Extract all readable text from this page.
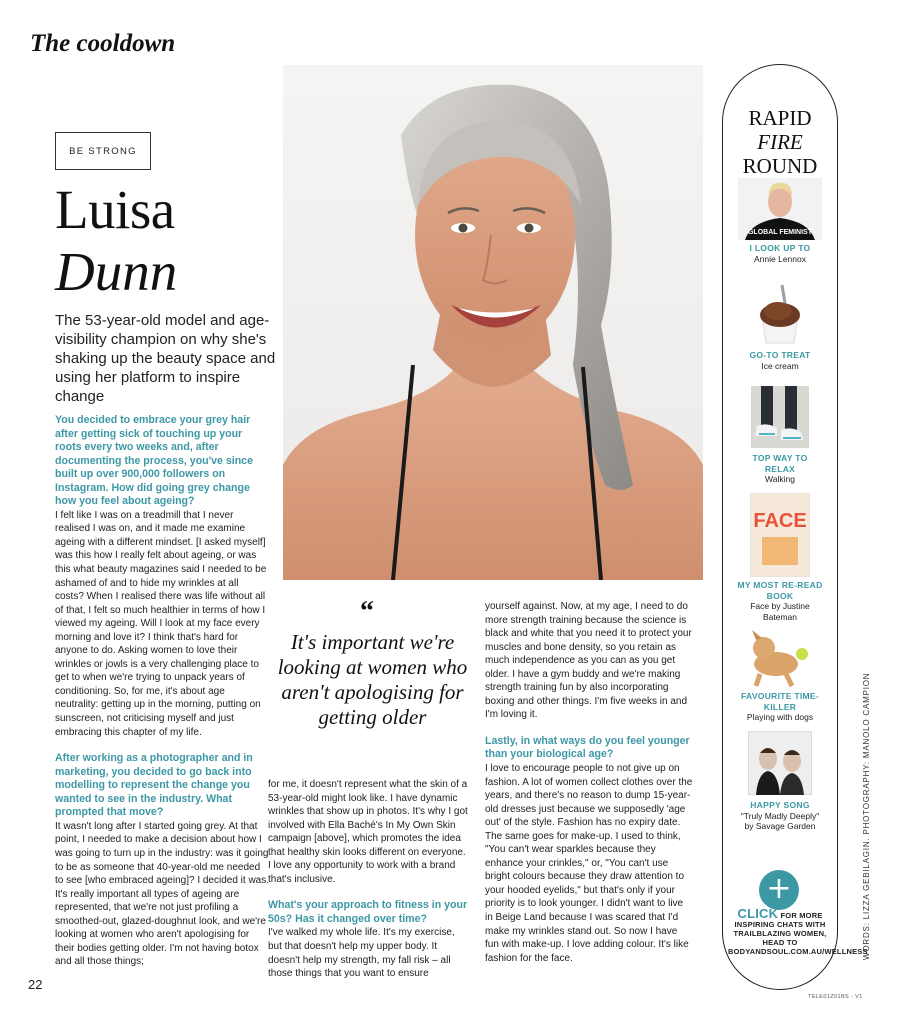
The cooldown
BE STRONG
Luisa
Dunn
The 53-year-old model and age-visibility champion on why she's shaking up the beauty space and using her platform to inspire change

You decided to embrace your grey hair after getting sick of touching up your roots every two weeks and, after documenting the process, you've since built up over 900,000 followers on Instagram. How did going grey change how you feel about ageing?

I felt like I was on a treadmill that I never realised I was on, and it made me examine ageing with a different mindset. [I asked myself] was this how I really felt about ageing, or was this what beauty magazines said I needed to be ashamed of and to hide my wrinkles at all costs? When I realised there was life without all of that, I felt so much healthier in terms of how I viewed my ageing. Will I look at my face every morning and love it? I think that's hard for anyone to do. Asking women to love their wrinkles or jowls is a very challenging place to get to when we're trying to unpack years of conditioning. So, for me, it's about age neutrality: getting up in the morning, putting on sunscreen, not criticising myself and just embracing this chapter of my life.

After working as a photographer and in marketing, you decided to go back into modelling to represent the change you wanted to see in the industry. What prompted that move?

It wasn't long after I started going grey. At that point, I needed to make a decision about how I was going to turn up in the industry: was it going to be as someone that 40-year-old me needed to see [who embraced ageing]? I decided it was. It's really important all types of ageing are represented, that we're not just profiling a smoothed-out, glazed-doughnut look, and we're looking at women who aren't apologising for their bodies getting older. I'm not having botox and all those things;

“
It's important we're looking at women who aren't apologising for getting older

for me, it doesn't represent what the skin of a 53-year-old might look like. I have dynamic wrinkles that show up in photos. It's why I got involved with Ella Baché's In My Own Skin campaign [above], which promotes the idea that healthy skin looks different on everyone. I love any opportunity to work with a brand that's inclusive.

What's your approach to fitness in your 50s? Has it changed over time?

I've walked my whole life. It's my exercise, but that doesn't help my upper body. It doesn't help my strength, my fall risk – all those things that you want to ensure

yourself against. Now, at my age, I need to do more strength training because the science is black and white that you need it to protect your muscles and bone density, so you retain as much independence as you can as you get older. I have a gym buddy and we're making strength training fun by also incorporating boxing and other things. I'm five weeks in and I'm loving it.

Lastly, in what ways do you feel younger than your biological age?

I love to encourage people to not give up on fashion. A lot of women collect clothes over the years, and there's no reason to dump 15-year-old dresses just because we supposedly 'age out' of the style. Fashion has no expiry date. The same goes for make-up. I used to think, "You can't wear sparkles because they enhance your crinkles," or, "You can't use bright colours because they draw attention to your hooded eyelids," but that's only if your priority is to look younger. I didn't want to live in Beige Land because I was scared that I'd make my wrinkles stand out. So now I have fun with make-up. I love adding colour. It's like fashion for the face.

RAPID
FIRE
ROUND
GLOBAL FEMINIST
I LOOK UP TO
Annie Lennox
GO-TO TREAT
Ice cream
TOP WAY TO RELAX
Walking
FACE
MY MOST RE-READ BOOK
Face by Justine Bateman
FAVOURITE TIME-KILLER
Playing with dogs
HAPPY SONG
"Truly Madly Deeply" by Savage Garden
+
CLICK FOR MORE INSPIRING CHATS WITH TRAILBLAZING WOMEN, HEAD TO BODYANDSOUL.COM.AU/WELLNESS
WORDS: LIZZA GEBILAGIN. PHOTOGRAPHY: MANOLO CAMPION
22
TELE01Z01BS - V1
